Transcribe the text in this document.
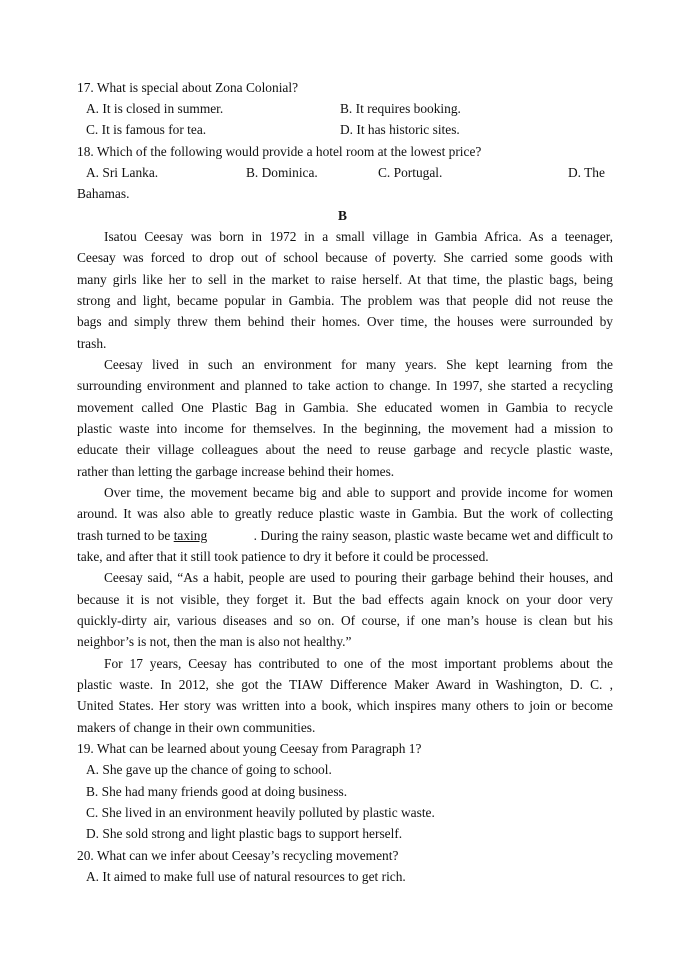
17. What is special about Zona Colonial?
A. It is closed in summer.	B. It requires booking.
C. It is famous for tea.	D. It has historic sites.
18. Which of the following would provide a hotel room at the lowest price?
A. Sri Lanka.	B. Dominica.	C. Portugal.	D. The
Bahamas.
B
Isatou Ceesay was born in 1972 in a small village in Gambia Africa. As a teenager,
Ceesay was forced to drop out of school because of poverty. She carried some goods with
many girls like her to sell in the market to raise herself. At that time, the plastic bags, being
strong and light, became popular in Gambia. The problem was that people did not reuse the
bags and simply threw them behind their homes. Over time, the houses were surrounded by
trash.
Ceesay lived in such an environment for many years. She kept learning from the
surrounding environment and planned to take action to change. In 1997, she started a recycling
movement called One Plastic Bag in Gambia. She educated women in Gambia to recycle
plastic waste into income for themselves. In the beginning, the movement had a mission to
educate their village colleagues about the need to reuse garbage and recycle plastic waste,
rather than letting the garbage increase behind their homes.
Over time, the movement became big and able to support and provide income for women
around. It was also able to greatly reduce plastic waste in Gambia. But the work of collecting
trash turned to be taxing	. During the rainy season, plastic waste became wet and difficult to
take, and after that it still took patience to dry it before it could be processed.
Ceesay said, “As a habit, people are used to pouring their garbage behind their houses, and
because it is not visible, they forget it. But the bad effects again knock on your door very
quickly-dirty air, various diseases and so on. Of course, if one man’s house is clean but his
neighbor’s is not, then the man is also not healthy.”
For 17 years, Ceesay has contributed to one of the most important problems about the
plastic waste. In 2012, she got the TIAW Difference Maker Award in Washington, D. C. ,
United States. Her story was written into a book, which inspires many others to join or become
makers of change in their own communities.
19. What can be learned about young Ceesay from Paragraph 1?
A. She gave up the chance of going to school.
B. She had many friends good at doing business.
C. She lived in an environment heavily polluted by plastic waste.
D. She sold strong and light plastic bags to support herself.
20. What can we infer about Ceesay’s recycling movement?
A. It aimed to make full use of natural resources to get rich.
